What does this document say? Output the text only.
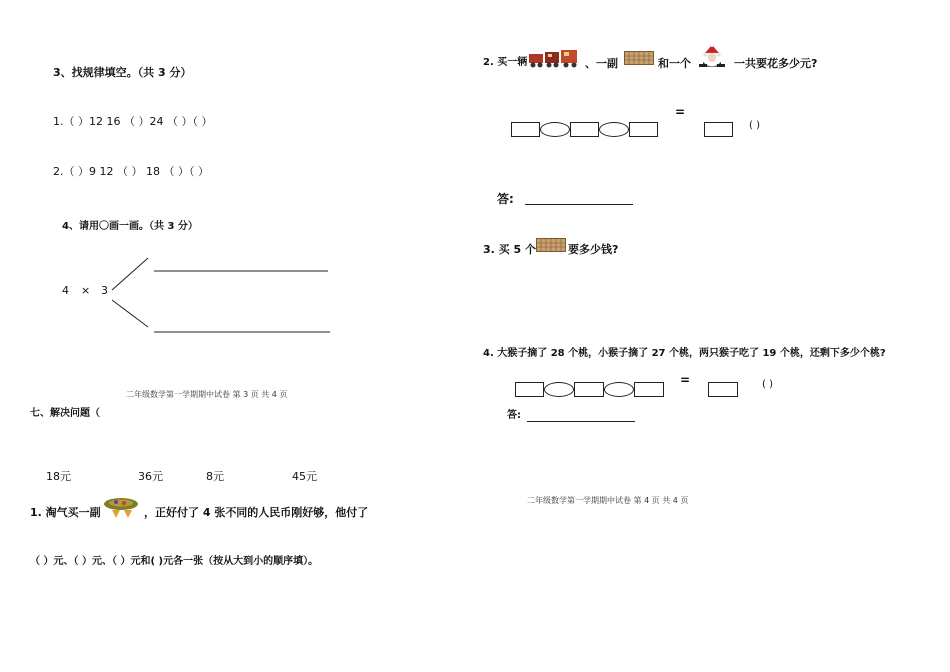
3、找规律填空。（共 3 分）
1.（ ）12 16 （ ）24 （ ）（ ）
2.（ ）9 12 （ ） 18 （ ）（ ）
4、请用〇画一画。（共 3 分）
4 × 3
二年级数学第一学期期中试卷 第 3 页 共 4 页
七、解决问题（
18元	36元	8元	45元
1. 淘气买一副	，正好付了 4 张不同的人民币刚好够，他付了
（ ）元、（ ）元、（ ）元和( )元各一张（按从大到小的顺序填）。
2. 买一辆	、一副	和一个	一共要花多少元?
=
( )
答:
3. 买 5 个	要多少钱?
4. 大猴子摘了 28 个桃，小猴子摘了 27 个桃，两只猴子吃了 19 个桃，还剩下多少个桃?
=	( )
答:
二年级数学第一学期期中试卷 第 4 页 共 4 页
